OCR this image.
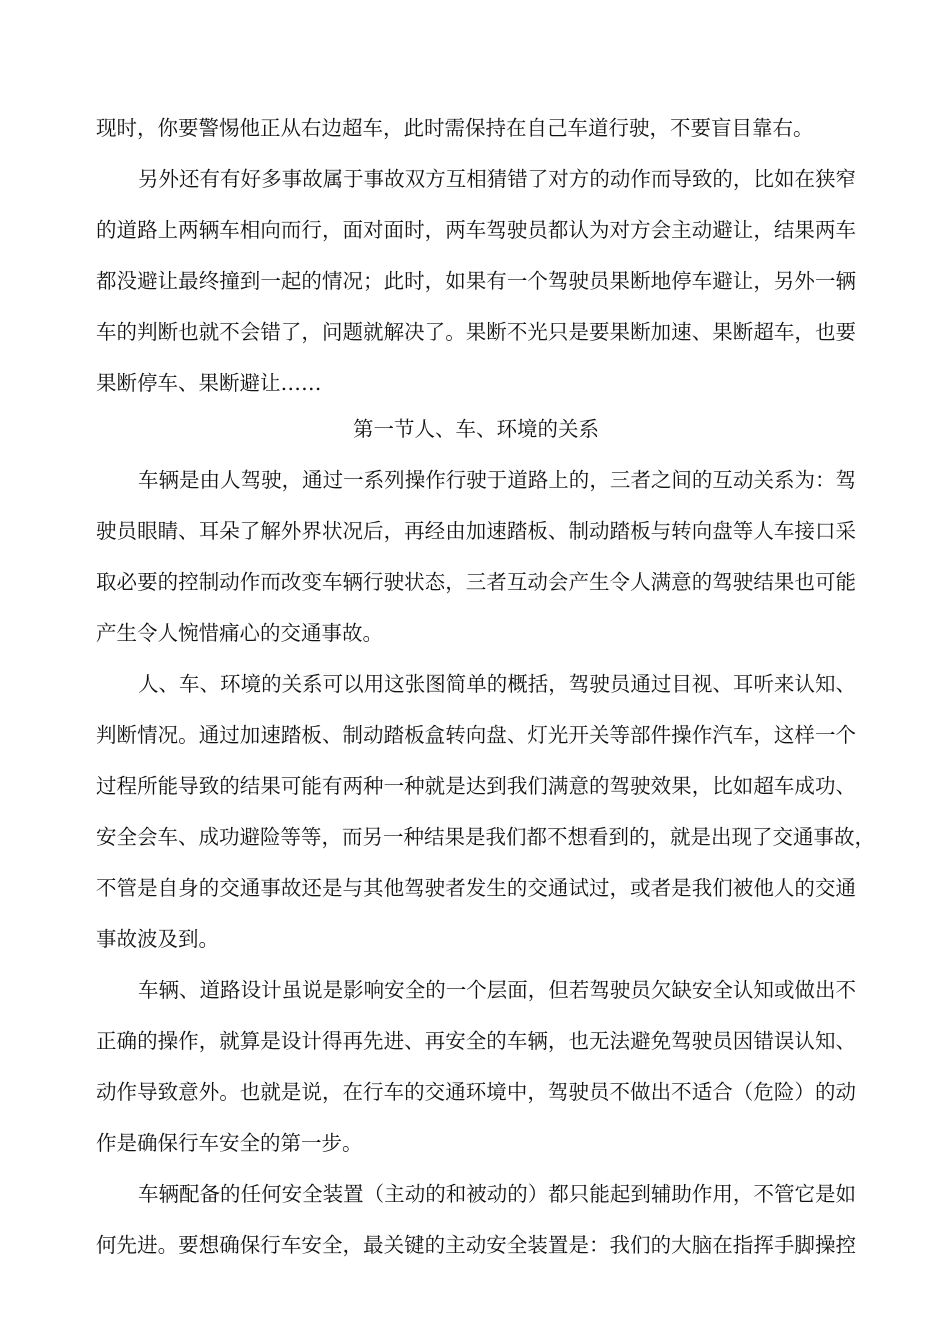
现时，你要警惕他正从右边超车，此时需保持在自己车道行驶，不要盲目靠右。
另外还有有好多事故属于事故双方互相猜错了对方的动作而导致的，比如在狭窄
的道路上两辆车相向而行，面对面时，两车驾驶员都认为对方会主动避让，结果两车
都没避让最终撞到一起的情况；此时，如果有一个驾驶员果断地停车避让，另外一辆
车的判断也就不会错了，问题就解决了。果断不光只是要果断加速、果断超车，也要
果断停车、果断避让……
第一节人、车、环境的关系
车辆是由人驾驶，通过一系列操作行驶于道路上的，三者之间的互动关系为：驾
驶员眼睛、耳朵了解外界状况后，再经由加速踏板、制动踏板与转向盘等人车接口采
取必要的控制动作而改变车辆行驶状态，三者互动会产生令人满意的驾驶结果也可能
产生令人惋惜痛心的交通事故。
人、车、环境的关系可以用这张图简单的概括，驾驶员通过目视、耳听来认知、
判断情况。通过加速踏板、制动踏板盒转向盘、灯光开关等部件操作汽车，这样一个
过程所能导致的结果可能有两种一种就是达到我们满意的驾驶效果，比如超车成功、
安全会车、成功避险等等，而另一种结果是我们都不想看到的，就是出现了交通事故，
不管是自身的交通事故还是与其他驾驶者发生的交通试过，或者是我们被他人的交通
事故波及到。
车辆、道路设计虽说是影响安全的一个层面，但若驾驶员欠缺安全认知或做出不
正确的操作，就算是设计得再先进、再安全的车辆，也无法避免驾驶员因错误认知、
动作导致意外。也就是说，在行车的交通环境中，驾驶员不做出不适合（危险）的动
作是确保行车安全的第一步。
车辆配备的任何安全装置（主动的和被动的）都只能起到辅助作用，不管它是如
何先进。要想确保行车安全，最关键的主动安全装置是：我们的大脑在指挥手脚操控
